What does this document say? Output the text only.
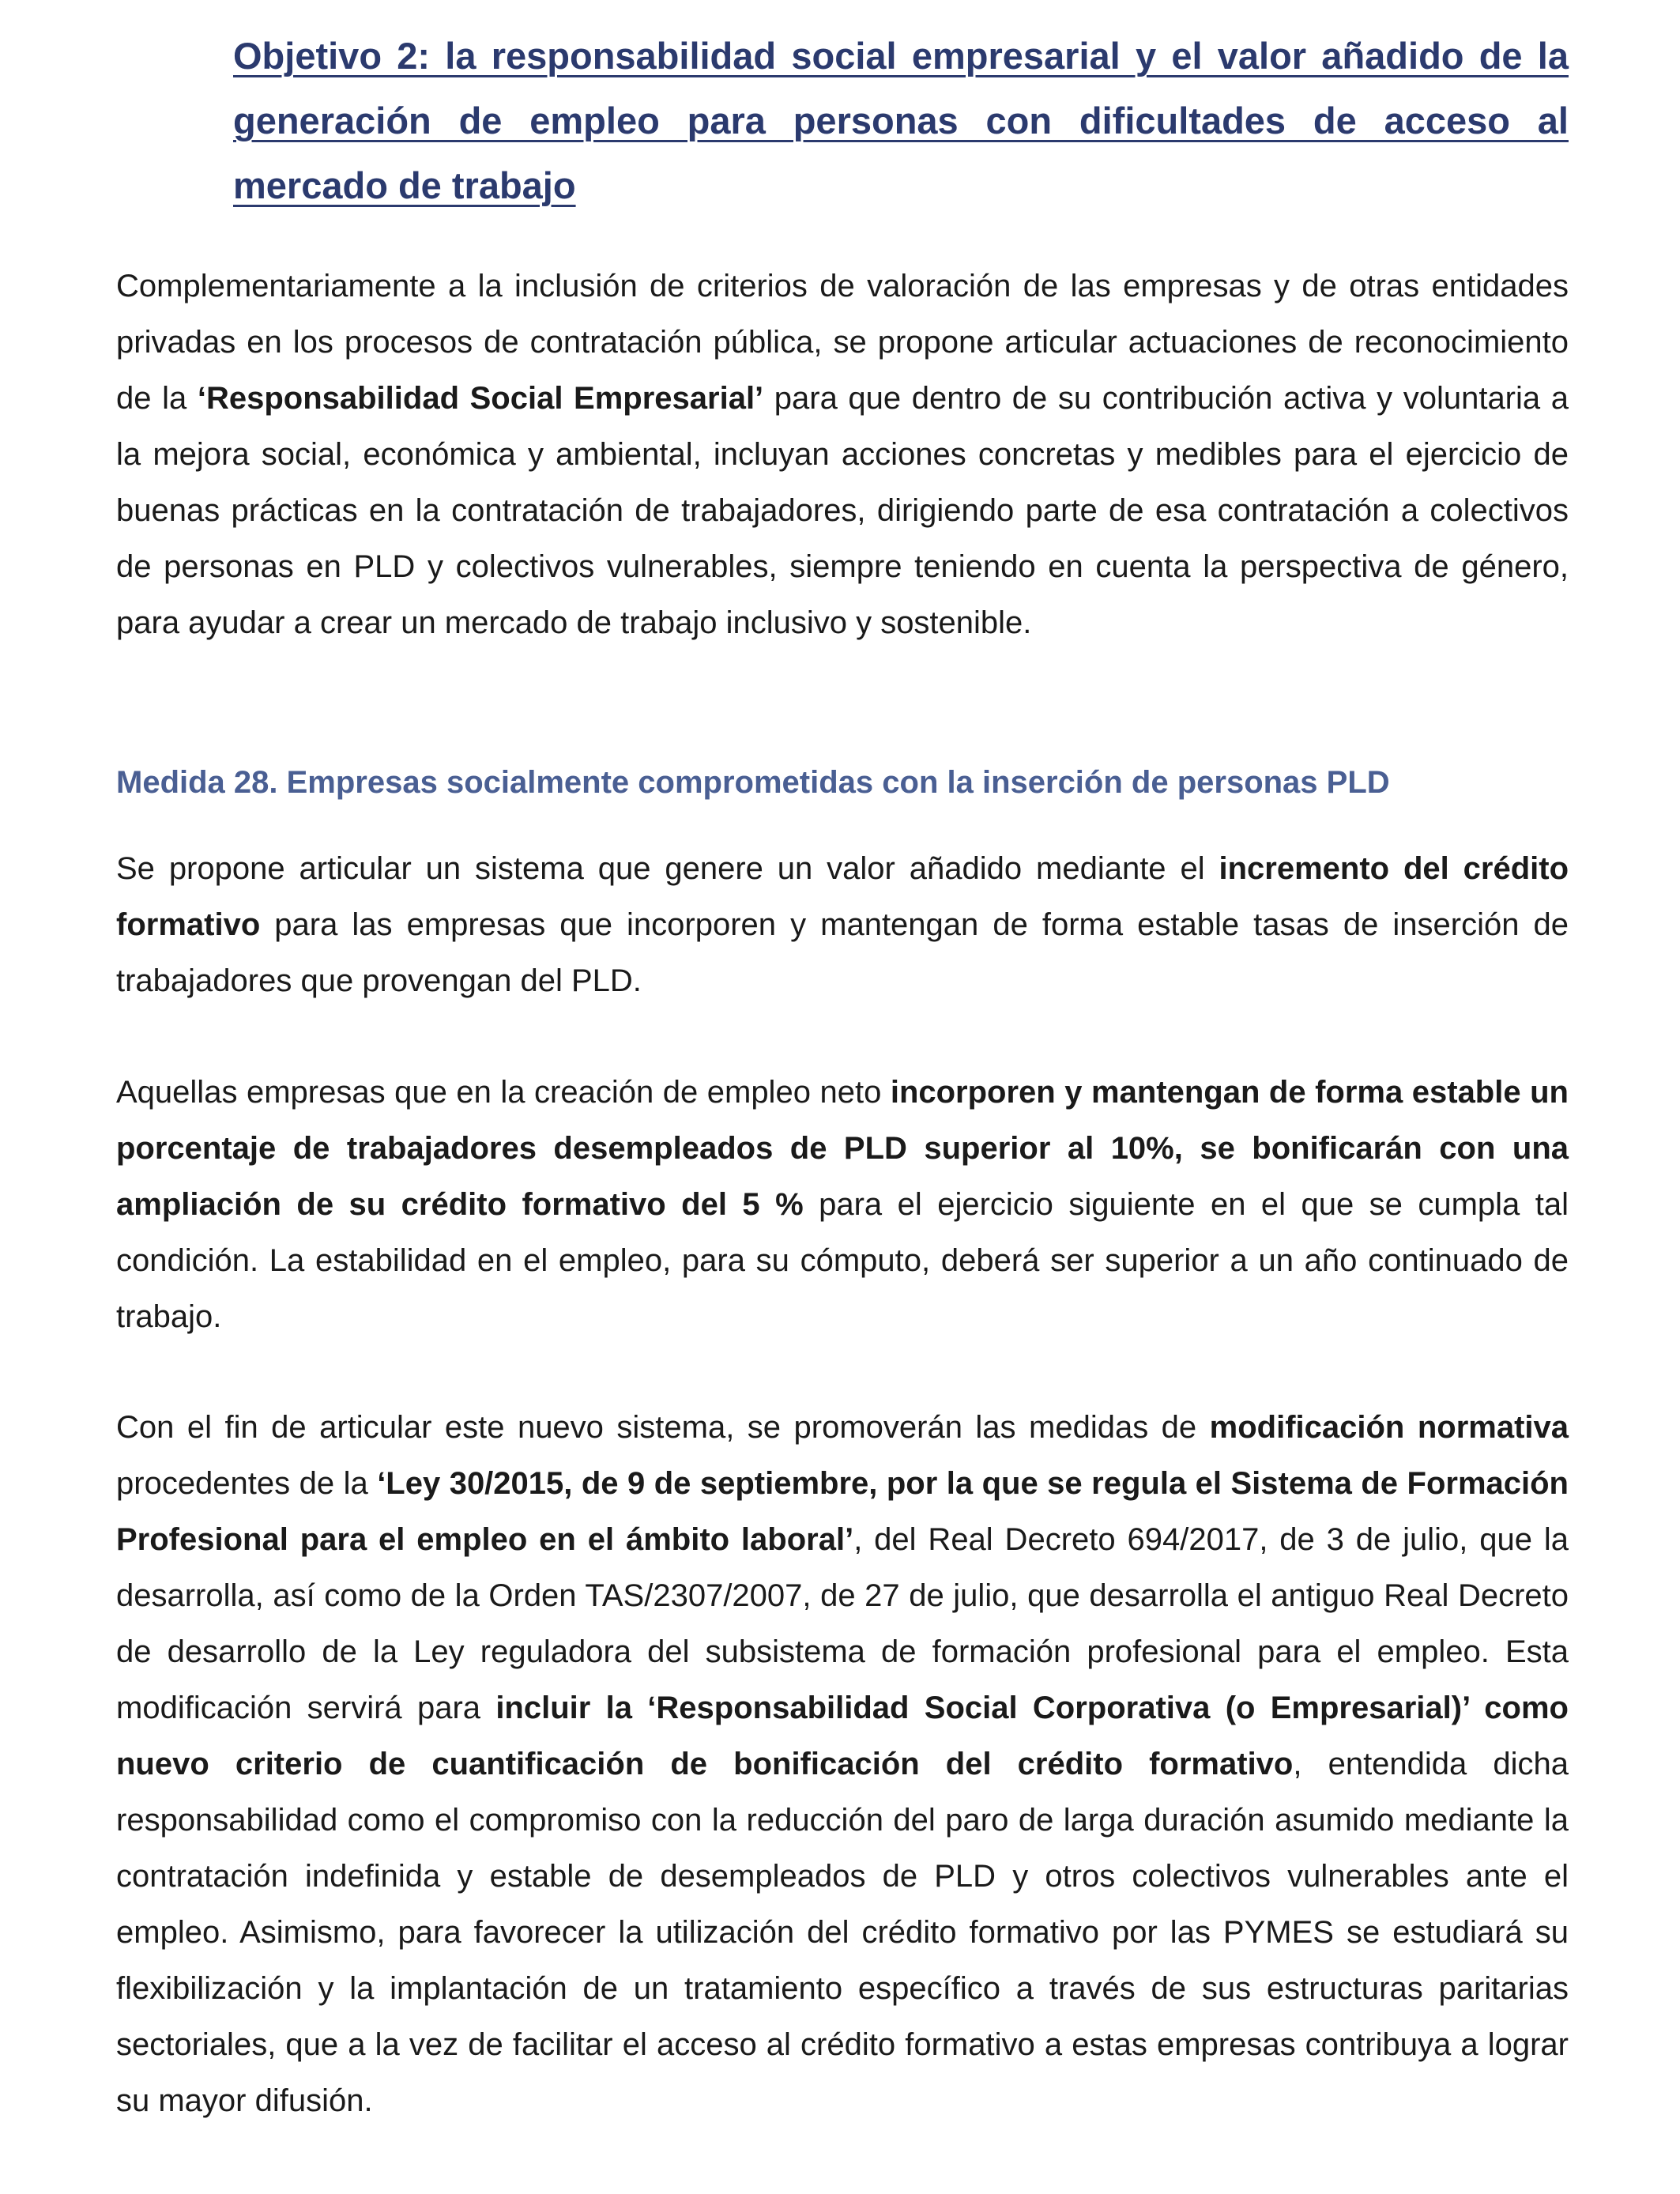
Objetivo 2: la responsabilidad social empresarial y el valor añadido de la generación de empleo para personas con dificultades de acceso al mercado de trabajo

Complementariamente a la inclusión de criterios de valoración de las empresas y de otras entidades privadas en los procesos de contratación pública, se propone articular actuaciones de reconocimiento de la ‘Responsabilidad Social Empresarial’ para que dentro de su contribución activa y voluntaria a la mejora social, económica y ambiental, incluyan acciones concretas y medibles para el ejercicio de buenas prácticas en la contratación de trabajadores, dirigiendo parte de esa contratación a colectivos de personas en PLD y colectivos vulnerables, siempre teniendo en cuenta la perspectiva de género, para ayudar a crear un mercado de trabajo inclusivo y sostenible.

Medida 28. Empresas socialmente comprometidas con la inserción de personas PLD

Se propone articular un sistema que genere un valor añadido mediante el incremento del crédito formativo para las empresas que incorporen y mantengan de forma estable tasas de inserción de trabajadores que provengan del PLD.

Aquellas empresas que en la creación de empleo neto incorporen y mantengan de forma estable un porcentaje de trabajadores desempleados de PLD superior al 10%, se bonificarán con una ampliación de su crédito formativo del 5 % para el ejercicio siguiente en el que se cumpla tal condición. La estabilidad en el empleo, para su cómputo, deberá ser superior a un año continuado de trabajo.

Con el fin de articular este nuevo sistema, se promoverán las medidas de modificación normativa procedentes de la ‘Ley 30/2015, de 9 de septiembre, por la que se regula el Sistema de Formación Profesional para el empleo en el ámbito laboral’, del Real Decreto 694/2017, de 3 de julio, que la desarrolla, así como de la Orden TAS/2307/2007, de 27 de julio, que desarrolla el antiguo Real Decreto de desarrollo de la Ley reguladora del subsistema de formación profesional para el empleo. Esta modificación servirá para incluir la ‘Responsabilidad Social Corporativa (o Empresarial)’ como nuevo criterio de cuantificación de bonificación del crédito formativo, entendida dicha responsabilidad como el compromiso con la reducción del paro de larga duración asumido mediante la contratación indefinida y estable de desempleados de PLD y otros colectivos vulnerables ante el empleo. Asimismo, para favorecer la utilización del crédito formativo por las PYMES se estudiará su flexibilización y la implantación de un tratamiento específico a través de sus estructuras paritarias sectoriales, que a la vez de facilitar el acceso al crédito formativo a estas empresas contribuya a lograr su mayor difusión.
